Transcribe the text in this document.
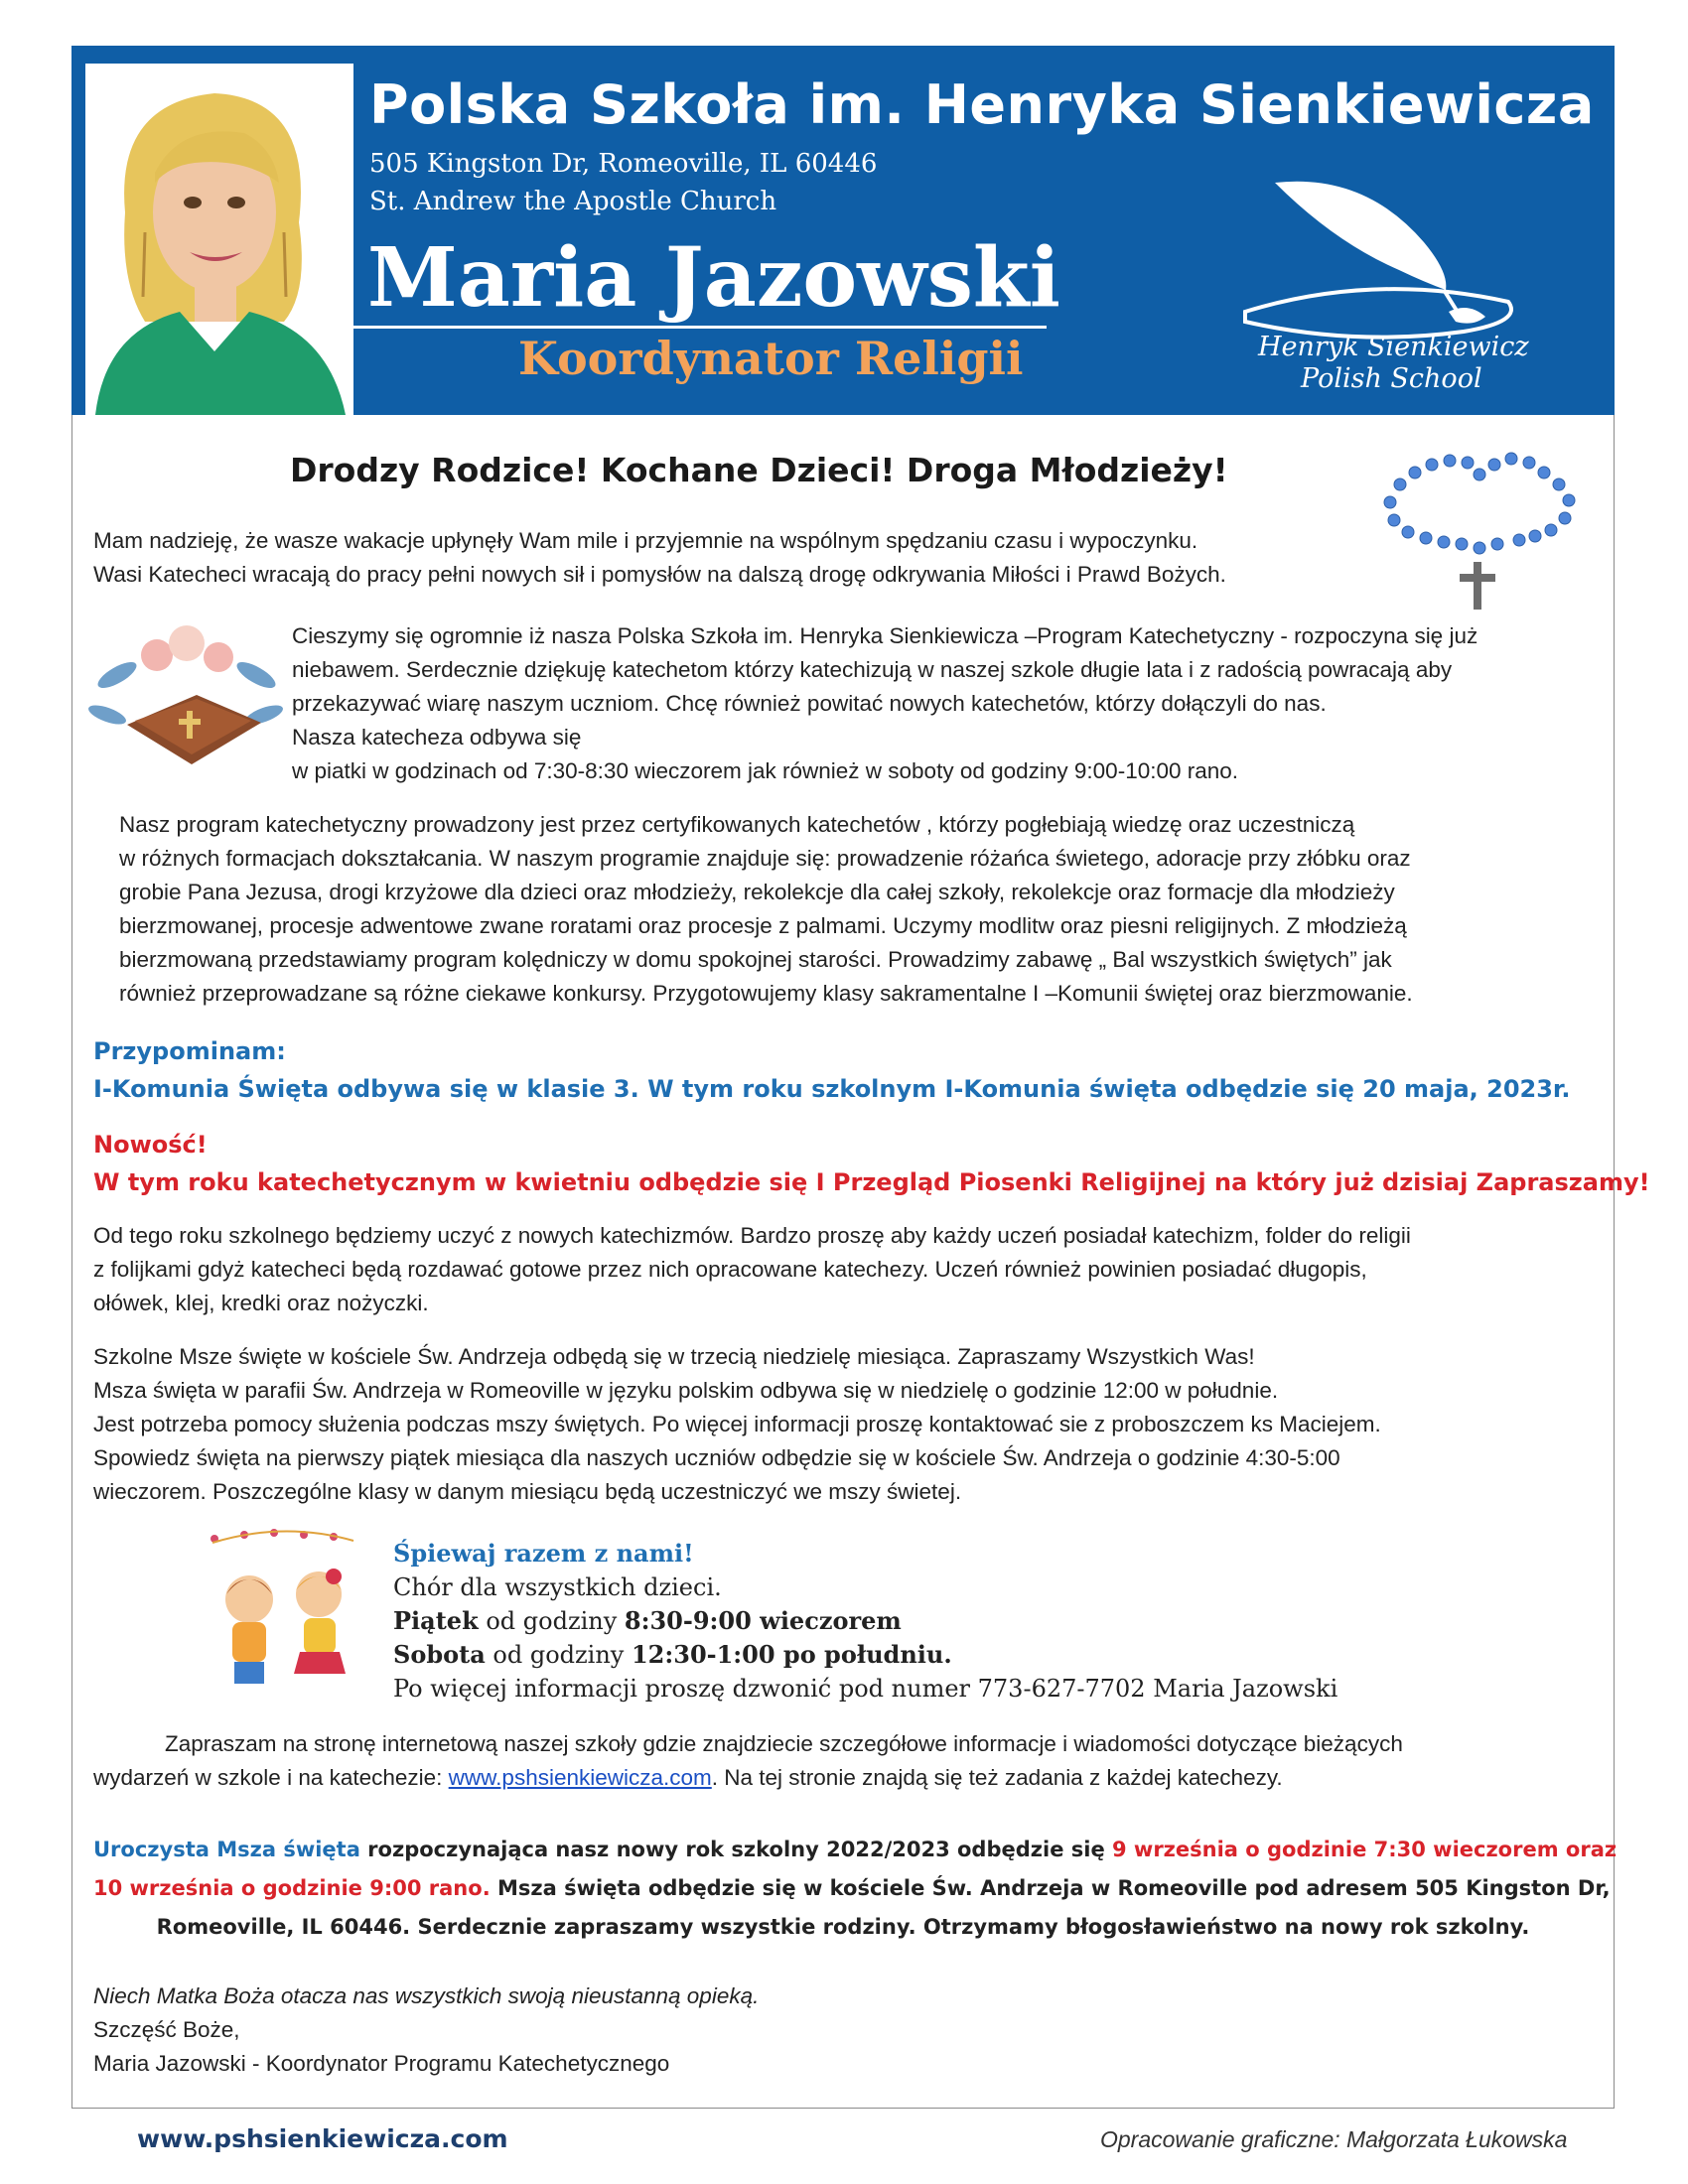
Polska Szkoła im. Henryka Sienkiewicza
505 Kingston Dr, Romeoville, IL 60446
St. Andrew the Apostle Church
Maria Jazowski
Koordynator Religii	Henryk Sienkiewicz
Polish School
Drodzy Rodzice! Kochane Dzieci! Droga Młodzieży!
Mam nadzieję, że wasze wakacje upłynęły Wam mile i przyjemnie na wspólnym spędzaniu czasu i wypoczynku.
Wasi Katecheci wracają do pracy pełni nowych sił i pomysłów na dalszą drogę odkrywania Miłości i Prawd Bożych.
Cieszymy się ogromnie iż nasza Polska Szkoła im. Henryka Sienkiewicza –Program Katechetyczny - rozpoczyna się już
niebawem. Serdecznie dziękuję katechetom którzy katechizują w naszej szkole długie lata i z radością powracają aby
przekazywać wiarę naszym uczniom. Chcę również powitać nowych katechetów, którzy dołączyli do nas.
Nasza katecheza odbywa się
w piatki w godzinach od 7:30-8:30 wieczorem jak również w soboty od godziny 9:00-10:00 rano.
Nasz program katechetyczny prowadzony jest przez certyfikowanych katechetów , którzy pogłebiają wiedzę oraz uczestniczą
w różnych formacjach dokształcania. W naszym programie znajduje się: prowadzenie różańca świetego, adoracje przy złóbku oraz
grobie Pana Jezusa, drogi krzyżowe dla dzieci oraz młodzieży, rekolekcje dla całej szkoły, rekolekcje oraz formacje dla młodzieży
bierzmowanej, procesje adwentowe zwane roratami oraz procesje z palmami. Uczymy modlitw oraz piesni religijnych. Z młodzieżą
bierzmowaną przedstawiamy program kolędniczy w domu spokojnej starości. Prowadzimy zabawę „ Bal wszystkich świętych” jak
również przeprowadzane są różne ciekawe konkursy. Przygotowujemy klasy sakramentalne I –Komunii świętej oraz bierzmowanie.
Przypominam:
I-Komunia Święta odbywa się w klasie 3. W tym roku szkolnym I-Komunia święta odbędzie się 20 maja, 2023r.
Nowość!
W tym roku katechetycznym w kwietniu odbędzie się I Przegląd Piosenki Religijnej na który już dzisiaj Zapraszamy!
Od tego roku szkolnego będziemy uczyć z nowych katechizmów. Bardzo proszę aby każdy uczeń posiadał katechizm, folder do religii
z folijkami gdyż katecheci będą rozdawać gotowe przez nich opracowane katechezy. Uczeń również powinien posiadać długopis,
ołówek, klej, kredki oraz nożyczki.
Szkolne Msze święte w kościele Św. Andrzeja odbędą się w trzecią niedzielę miesiąca. Zapraszamy Wszystkich Was!
Msza święta w parafii Św. Andrzeja w Romeoville w języku polskim odbywa się w niedzielę o godzinie 12:00 w południe.
Jest potrzeba pomocy służenia podczas mszy świętych. Po więcej informacji proszę kontaktować sie z proboszczem ks Maciejem.
Spowiedz święta na pierwszy piątek miesiąca dla naszych uczniów odbędzie się w kościele Św. Andrzeja o godzinie 4:30-5:00
wieczorem. Poszczególne klasy w danym miesiącu będą uczestniczyć we mszy świetej.
Śpiewaj razem z nami!
Chór dla wszystkich dzieci.
Piątek od godziny 8:30-9:00 wieczorem
Sobota od godziny 12:30-1:00 po południu.
Po więcej informacji proszę dzwonić pod numer 773-627-7702 Maria Jazowski
Zapraszam na stronę internetową naszej szkoły gdzie znajdziecie szczegółowe informacje i wiadomości dotyczące bieżących
wydarzeń w szkole i na katechezie: www.pshsienkiewicza.com. Na tej stronie znajdą się też zadania z każdej katechezy.
Uroczysta Msza święta rozpoczynająca nasz nowy rok szkolny 2022/2023 odbędzie się 9 września o godzinie 7:30 wieczorem oraz
10 września o godzinie 9:00 rano. Msza święta odbędzie się w kościele Św. Andrzeja w Romeoville pod adresem 505 Kingston Dr,
Romeoville, IL 60446. Serdecznie zapraszamy wszystkie rodziny. Otrzymamy błogosławieństwo na nowy rok szkolny.
Niech Matka Boża otacza nas wszystkich swoją nieustanną opieką.
Szczęść Boże,
Maria Jazowski - Koordynator Programu Katechetycznego
www.pshsienkiewicza.com	Opracowanie graficzne: Małgorzata Łukowska
